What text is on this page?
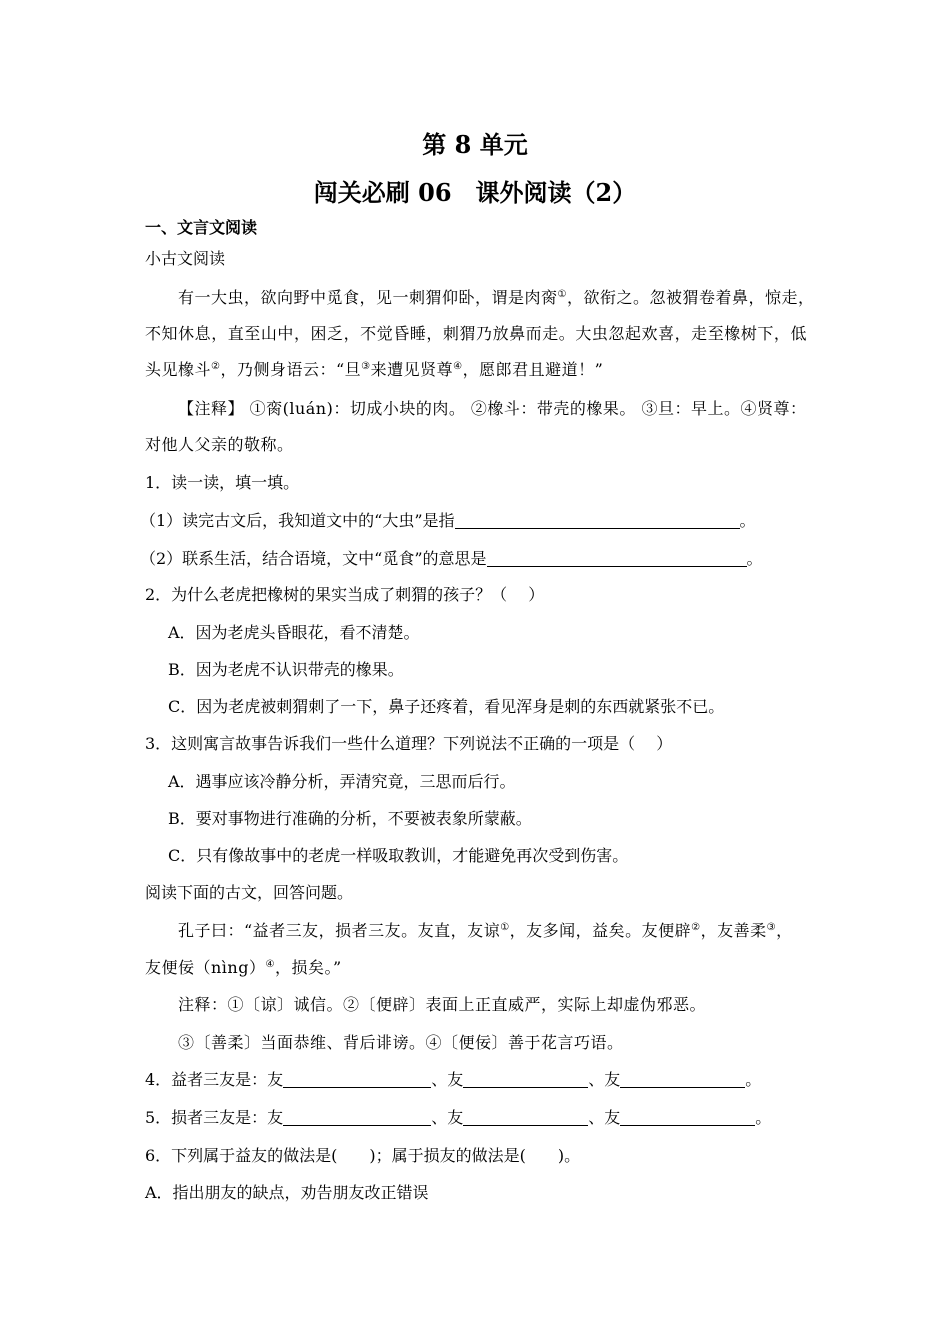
第 8 单元
闯关必刷 06　课外阅读（2）
一、文言文阅读
小古文阅读
有一大虫，欲向野中觅食，见一刺猬仰卧，谓是肉脔①，欲衔之。忽被猬卷着鼻，惊走，
不知休息，直至山中，困乏，不觉昏睡，刺猬乃放鼻而走。大虫忽起欢喜，走至橡树下，低
头见橡斗②，乃侧身语云：“旦③来遭见贤尊④，愿郎君且避道！”
【注释】 ①脔(luán)：切成小块的肉。 ②橡斗：带壳的橡果。 ③旦：早上。④贤尊：
对他人父亲的敬称。
1．读一读，填一填。
（1）读完古文后，我知道文中的“大虫”是指	。
（2）联系生活，结合语境，文中“觅食”的意思是	。
2．为什么老虎把橡树的果实当成了刺猬的孩子？（　 ）
A．因为老虎头昏眼花，看不清楚。
B．因为老虎不认识带壳的橡果。
C．因为老虎被刺猬刺了一下，鼻子还疼着，看见浑身是刺的东西就紧张不已。
3．这则寓言故事告诉我们一些什么道理？下列说法不正确的一项是（　 ）
A．遇事应该冷静分析，弄清究竟，三思而后行。
B．要对事物进行准确的分析，不要被表象所蒙蔽。
C．只有像故事中的老虎一样吸取教训，才能避免再次受到伤害。
阅读下面的古文，回答问题。
孔子曰：“益者三友，损者三友。友直，友谅①，友多闻，益矣。友便辟②，友善柔③，
友便佞（nìng）④，损矣。”
注释：①〔谅〕诚信。②〔便辟〕表面上正直威严，实际上却虚伪邪恶。
③〔善柔〕当面恭维、背后诽谤。④〔便佞〕善于花言巧语。
4．益者三友是：友	、友	、友	。
5．损者三友是：友	、友	、友	。
6．下列属于益友的做法是(　　)；属于损友的做法是(　　)。
A．指出朋友的缺点，劝告朋友改正错误
